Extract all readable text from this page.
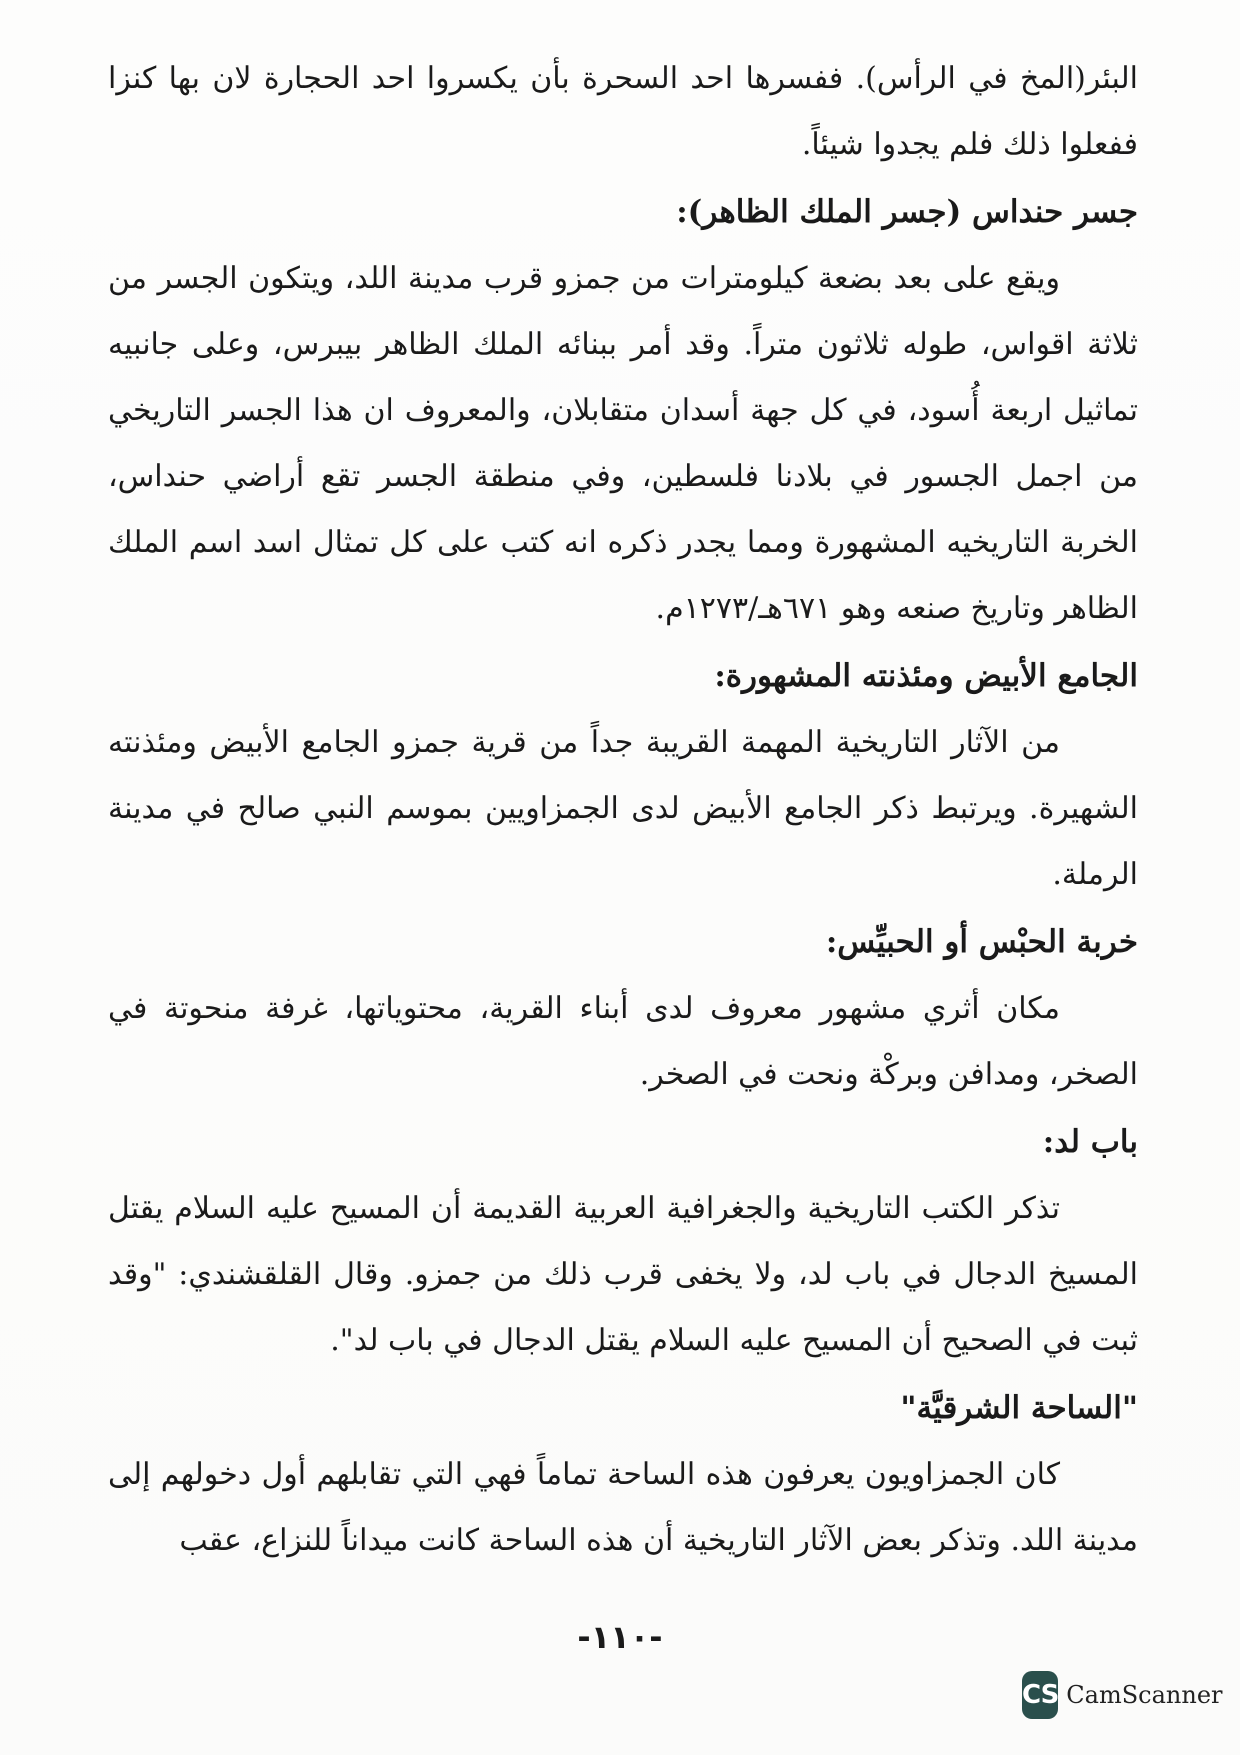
البئر(المخ في الرأس). ففسرها احد السحرة بأن يكسروا احد الحجارة لان بها كنزا ففعلوا ذلك فلم يجدوا شيئاً.

جسر حنداس (جسر الملك الظاهر):

ويقع على بعد بضعة كيلومترات من جمزو قرب مدينة اللد، ويتكون الجسر من ثلاثة اقواس، طوله ثلاثون متراً. وقد أمر ببنائه الملك الظاهر بيبرس، وعلى جانبيه تماثيل اربعة أُسود، في كل جهة أسدان متقابلان، والمعروف ان هذا الجسر التاريخي من اجمل الجسور في بلادنا فلسطين، وفي منطقة الجسر تقع أراضي حنداس، الخربة التاريخيه المشهورة ومما يجدر ذكره انه كتب على كل تمثال اسد اسم الملك الظاهر وتاريخ صنعه وهو ٦٧١هـ/١٢٧٣م.

الجامع الأبيض ومئذنته المشهورة:

من الآثار التاريخية المهمة القريبة جداً من قرية جمزو الجامع الأبيض ومئذنته الشهيرة. ويرتبط ذكر الجامع الأبيض لدى الجمزاويين بموسم النبي صالح في مدينة الرملة.

خربة الحبْس أو الحبيِّس:

مكان أثري مشهور معروف لدى أبناء القرية، محتوياتها، غرفة منحوتة في الصخر، ومدافن وبركْة ونحت في الصخر.

باب لد:

تذكر الكتب التاريخية والجغرافية العربية القديمة أن المسيح عليه السلام يقتل المسيخ الدجال في باب لد، ولا يخفى قرب ذلك من جمزو. وقال القلقشندي: "وقد ثبت في الصحيح أن المسيح عليه السلام يقتل الدجال في باب لد".

"الساحة الشرقيَّة"

كان الجمزاويون يعرفون هذه الساحة تماماً فهي التي تقابلهم أول دخولهم إلى مدينة اللد. وتذكر بعض الآثار التاريخية أن هذه الساحة كانت ميداناً للنزاع، عقب

-١١٠-
CS CamScanner
